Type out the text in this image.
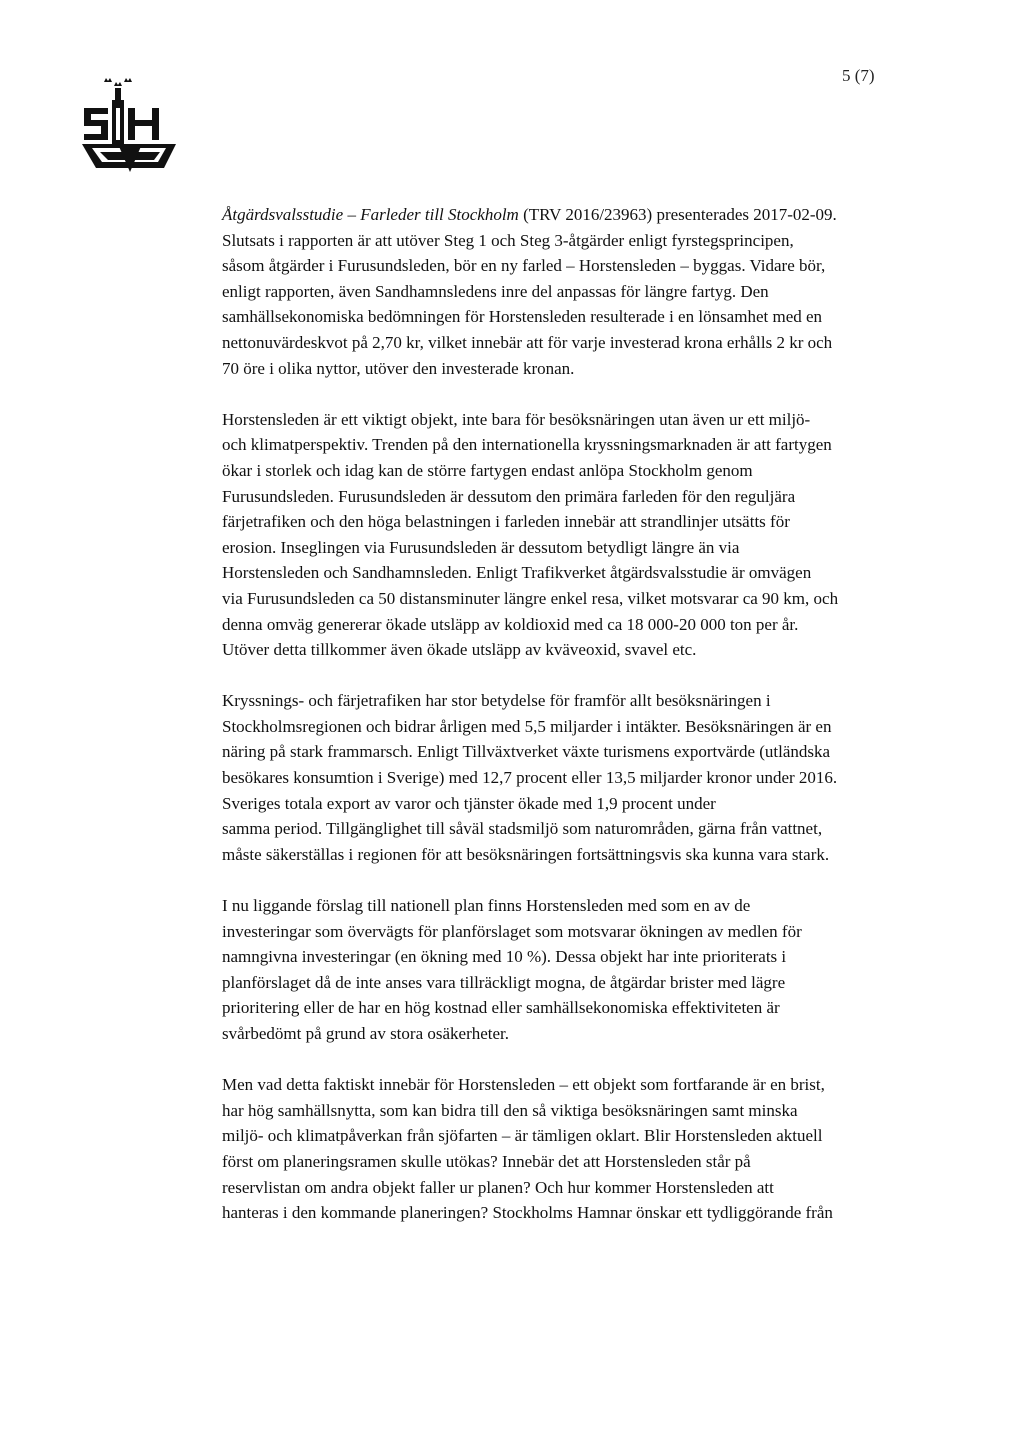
5 (7)

Åtgärdsvalsstudie – Farleder till Stockholm (TRV 2016/23963) presenterades 2017-02-09.
Slutsats i rapporten är att utöver Steg 1 och Steg 3-åtgärder enligt fyrstegsprincipen,
såsom åtgärder i Furusundsleden, bör en ny farled – Horstensleden – byggas. Vidare bör,
enligt rapporten, även Sandhamnsledens inre del anpassas för längre fartyg. Den
samhällsekonomiska bedömningen för Horstensleden resulterade i en lönsamhet med en
nettonuvärdeskvot på 2,70 kr, vilket innebär att för varje investerad krona erhålls 2 kr och
70 öre i olika nyttor, utöver den investerade kronan.

Horstensleden är ett viktigt objekt, inte bara för besöksnäringen utan även ur ett miljö-
och klimatperspektiv. Trenden på den internationella kryssningsmarknaden är att fartygen
ökar i storlek och idag kan de större fartygen endast anlöpa Stockholm genom
Furusundsleden. Furusundsleden är dessutom den primära farleden för den reguljära
färjetrafiken och den höga belastningen i farleden innebär att strandlinjer utsätts för
erosion. Inseglingen via Furusundsleden är dessutom betydligt längre än via
Horstensleden och Sandhamnsleden. Enligt Trafikverket åtgärdsvalsstudie är omvägen
via Furusundsleden ca 50 distansminuter längre enkel resa, vilket motsvarar ca 90 km, och
denna omväg genererar ökade utsläpp av koldioxid med ca 18 000-20 000 ton per år.
Utöver detta tillkommer även ökade utsläpp av kväveoxid, svavel etc.

Kryssnings- och färjetrafiken har stor betydelse för framför allt besöksnäringen i
Stockholmsregionen och bidrar årligen med 5,5 miljarder i intäkter. Besöksnäringen är en
näring på stark frammarsch. Enligt Tillväxtverket växte turismens exportvärde (utländska
besökares konsumtion i Sverige) med 12,7 procent eller 13,5 miljarder kronor under 2016.
Sveriges totala export av varor och tjänster ökade med 1,9 procent under
samma period. Tillgänglighet till såväl stadsmiljö som naturområden, gärna från vattnet,
måste säkerställas i regionen för att besöksnäringen fortsättningsvis ska kunna vara stark.

I nu liggande förslag till nationell plan finns Horstensleden med som en av de
investeringar som övervägts för planförslaget som motsvarar ökningen av medlen för
namngivna investeringar (en ökning med 10 %). Dessa objekt har inte prioriterats i
planförslaget då de inte anses vara tillräckligt mogna, de åtgärdar brister med lägre
prioritering eller de har en hög kostnad eller samhällsekonomiska effektiviteten är
svårbedömt på grund av stora osäkerheter.

Men vad detta faktiskt innebär för Horstensleden – ett objekt som fortfarande är en brist,
har hög samhällsnytta, som kan bidra till den så viktiga besöksnäringen samt minska
miljö- och klimatpåverkan från sjöfarten – är tämligen oklart. Blir Horstensleden aktuell
först om planeringsramen skulle utökas? Innebär det att Horstensleden står på
reservlistan om andra objekt faller ur planen? Och hur kommer Horstensleden att
hanteras i den kommande planeringen? Stockholms Hamnar önskar ett tydliggörande från
